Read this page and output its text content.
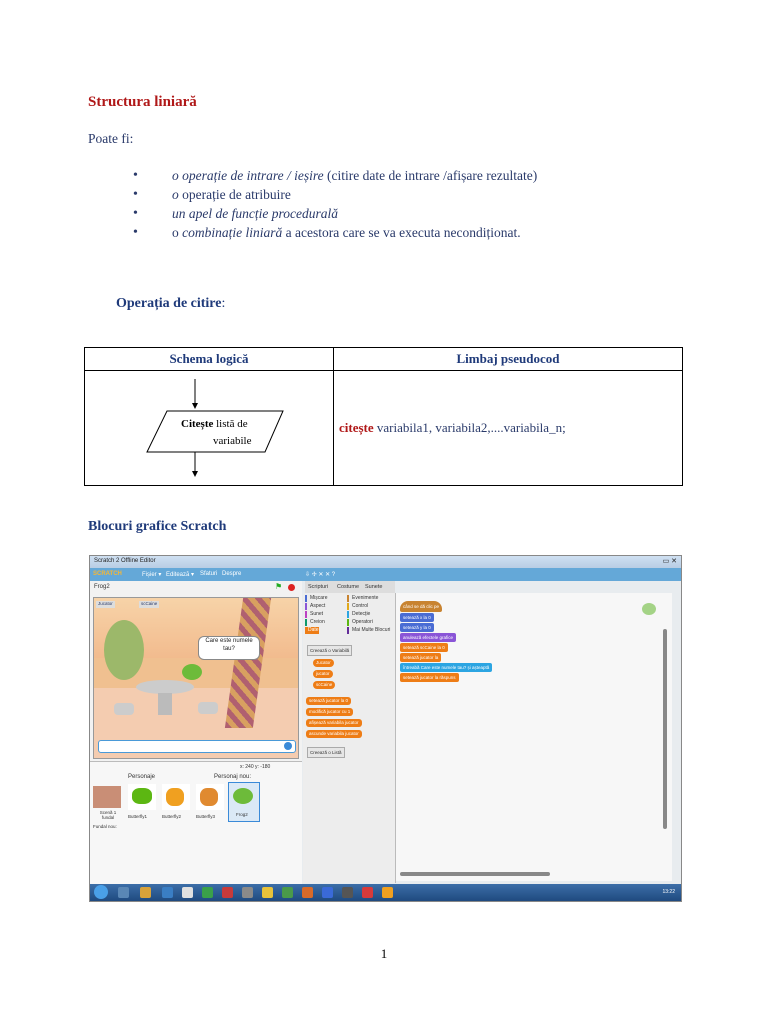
Structura liniară
Poate fi:
•	o operație de intrare / ieșire (citire date de intrare /afișare rezultate)
•	o operație de atribuire
•	un apel de funcție procedurală
•	o combinație liniară a acestora care se va executa necondiționat.
Operația de citire:
Schema logică	Limbaj pseudocod

Citește listă de
variabile	citește variabila1, variabila2,....variabila_n;
Blocuri grafice Scratch
Scratch 2 Offline Editor	▭ ✕
SCRATCH	Fișier ▾ Editează ▾ Sfaturi Despre	⇩ ✢ ✕ ✕ ?
Frog2	⚑
Jucator	scCaine
Care este numele tau?
Scripturi Costume Sunete
Mișcare
Aspect
Sunet
Creion
Date
Evenimente
Control
Detecție
Operatori
Mai Multe Blocuri
Creează o Variabilă
Jucator
jucator
scCaine
setează jucator la 0
modifică jucator cu 1
afișează variabila jucator
ascunde variabila jucator
Creează o Listă
când se dă clic pe
setează x la 0
setează y la 0
anulează efectele grafice
setează scCaine la 0
setează jucator la
întreabă Care este numele tau? și așteaptă
setează jucator la răspuns
x: 240 y: -180
Personaje	Personaj nou:
Scenă 1 fundal	Butterfly1	Butterfly2	Butterfly3	Frog2
Fundal nou:
13:22
1
